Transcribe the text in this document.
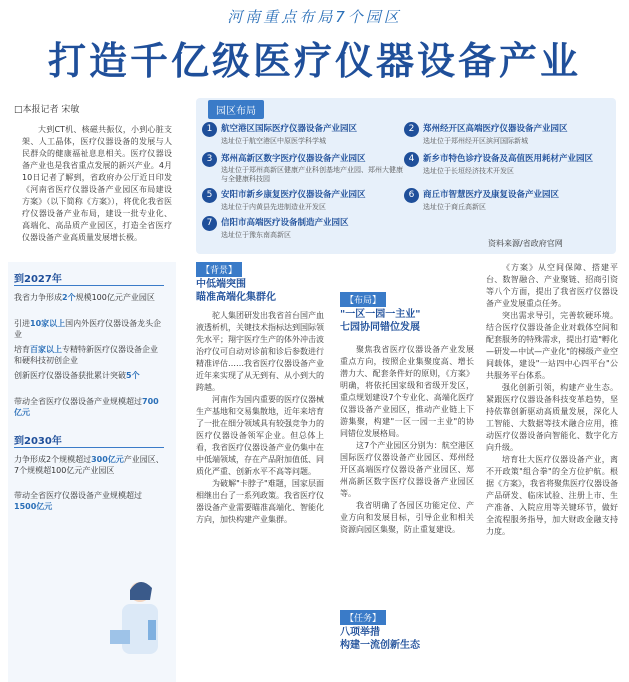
河南重点布局7个园区
打造千亿级医疗仪器设备产业
□本报记者 宋敏
大到CT机、核磁共振仪，小到心脏支架、人工晶体，医疗仪器设备的发展与人民群众的健康福祉息息相关。医疗仪器设备产业也是我省重点发展的新兴产业。4月10日记者了解到，省政府办公厅近日印发《河南省医疗仪器设备产业园区布局建设方案》（以下简称《方案》），将优化我省医疗仪器设备产业布局，建设一批专业化、高端化、高品质产业园区，打造全省医疗仪器设备产业高质量发展增长极。
园区布局
1	航空港区国际医疗仪器设备产业园区
选址位于航空港区中原医学科学城
2	郑州经开区高端医疗仪器设备产业园区
选址位于郑州经开区滨河国际新城
3	郑州高新区数字医疗仪器设备产业园区
选址位于郑州高新区健康产业科创基地产业园、郑州大健康与全健康科技园
4	新乡市特色诊疗设备及高值医用耗材产业园区
选址位于长垣经济技术开发区
5	安阳市新乡康复医疗仪器设备产业园区
选址位于内黄县先进制造业开发区
6	商丘市智慧医疗及康复设备产业园区
选址位于商丘高新区
7	信阳市高端医疗设备制造产业园区
选址位于豫东南高新区
资料来源/省政府官网
到2027年
我省力争形成2个规模100亿元产业园区
引进10家以上国内外医疗仪器设备龙头企业
培育百家以上专精特新医疗仪器设备企业和硬科技初创企业
创新医疗仪器设备获批累计突破5个
带动全省医疗仪器设备产业规模超过700亿元
到2030年
力争形成2个规模超过300亿元产业园区、7个规模超100亿元产业园区
带动全省医疗仪器设备产业规模超过1500亿元
【背景】
中低端突围
瞄准高端化集群化

驼人集团研发出我省首台国产血液透析机，关键技术指标达到国际领先水平；翔宇医疗生产的体外冲击波治疗仪可自动对诊前和诊后参数进行精准评估……我省医疗仪器设备产业近年来实现了从无到有、从小到大的跨越。

河南作为国内重要的医疗仪器械生产基地和交易集散地，近年来培育了一批在细分领域具有较强竞争力的医疗仪器设备领军企业。但总体上看，我省医疗仪器设备产业仍集中在中低端领域，存在产品附加值低、同质化严重、创新水平不高等问题。

为破解"卡脖子"难题，国家层面相继出台了一系列政策。我省医疗仪器设备产业需要瞄准高端化、智能化方向，加快构建产业集群。

【布局】
"一区一园一主业"
七园协同错位发展

聚焦我省医疗仪器设备产业发展重点方向，按照企业集聚度高、增长潜力大、配套条件好的原则，《方案》明确，将依托国家级和省级开发区，重点规划建设7个专业化、高端化医疗仪器设备产业园区，推动产业链上下游集聚，构建"一区一园一主业"的协同错位发展格局。

这7个产业园区分别为：航空港区国际医疗仪器设备产业园区、郑州经开区高端医疗仪器设备产业园区、郑州高新区数字医疗仪器设备产业园区等。

我省明确了各园区功能定位、产业方向和发展目标，引导企业和相关资源向园区集聚，防止重复建设。

【任务】
八项举措
构建一流创新生态

《方案》从空间保障、搭建平台、数智融合、产业聚链、招商引资等八个方面，提出了我省医疗仪器设备产业发展重点任务。

突出需求导引，完善软硬环境。结合医疗仪器设备企业对载体空间和配套服务的特殊需求，提出打造"孵化—研发—中试—产业化"的梯级产业空间载体，建设"一站四中心四平台"公共服务平台体系。

强化创新引领，构建产业生态。紧跟医疗仪器设备科技变革趋势，坚持依靠创新驱动高质量发展，深化人工智能、大数据等技术融合应用，推动医疗仪器设备向智能化、数字化方向升级。

培育壮大医疗仪器设备产业，离不开政策"组合拳"的全方位护航。根据《方案》，我省将聚焦医疗仪器设备产品研发、临床试验、注册上市、生产准备、入院应用等关键环节，做好全流程服务指导，加大财政金融支持力度。
